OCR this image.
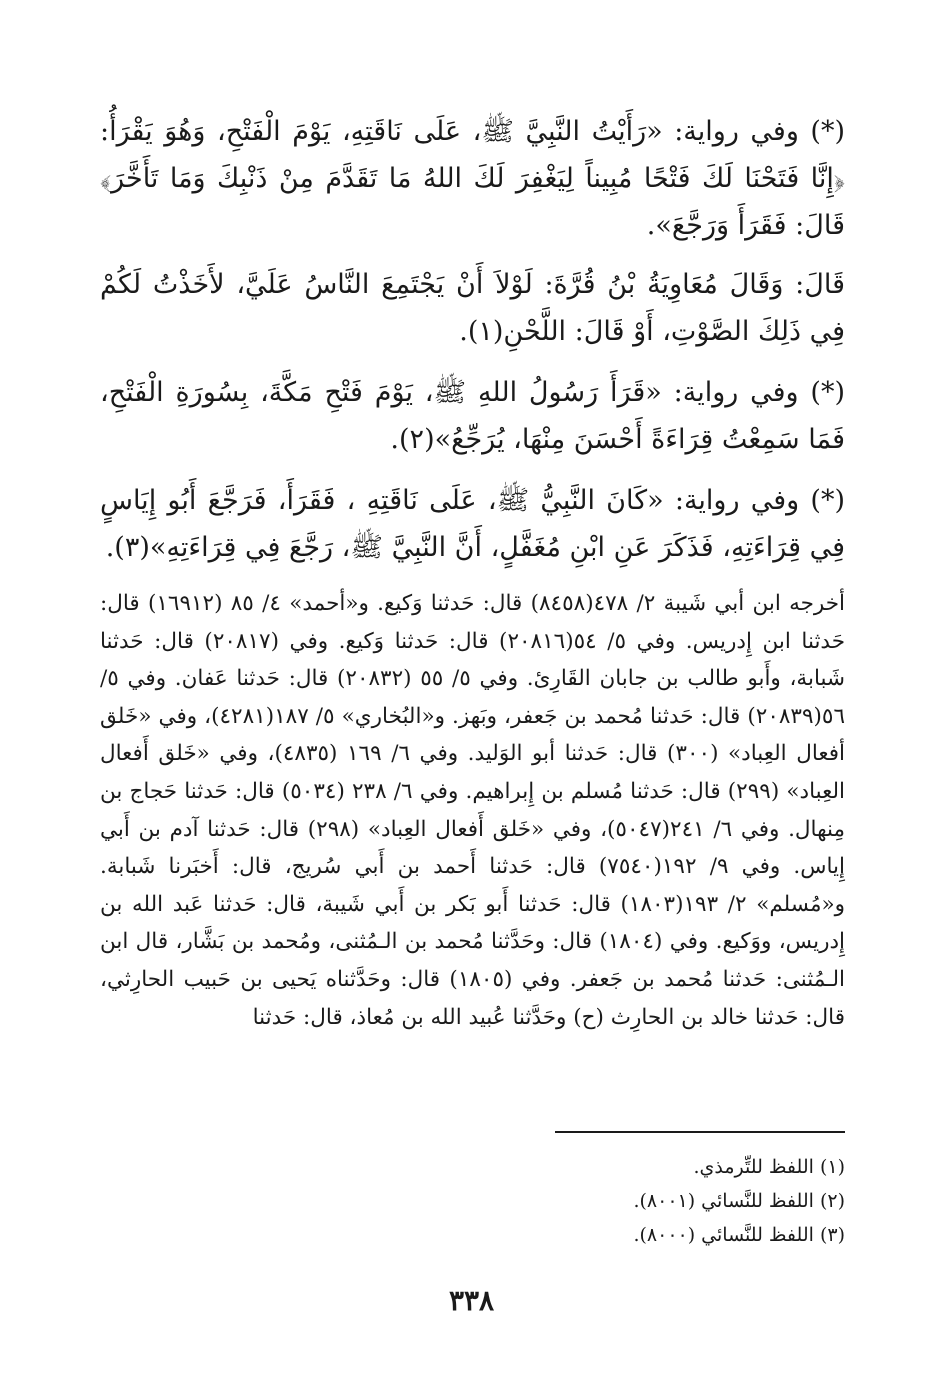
(*) وفي رواية: «رَأَيْتُ النَّبِيَّ ﷺ، عَلَى نَاقَتِهِ، يَوْمَ الْفَتْحِ، وَهُوَ يَقْرَأُ: ﴿إِنَّا فَتَحْنَا لَكَ فَتْحًا مُبِيناً لِيَغْفِرَ لَكَ اللهُ مَا تَقَدَّمَ مِنْ ذَنْبِكَ وَمَا تَأَخَّرَ﴾ قَالَ: فَقَرَأَ وَرَجَّعَ».

قَالَ: وَقَالَ مُعَاوِيَةُ بْنُ قُرَّةَ: لَوْلاَ أَنْ يَجْتَمِعَ النَّاسُ عَلَيَّ، لأَخَذْتُ لَكُمْ فِي ذَلِكَ الصَّوْتِ، أَوْ قَالَ: اللَّحْنِ(١).

(*) وفي رواية: «قَرَأَ رَسُولُ اللهِ ﷺ، يَوْمَ فَتْحِ مَكَّةَ، بِسُورَةِ الْفَتْحِ، فَمَا سَمِعْتُ قِرَاءَةً أَحْسَنَ مِنْهَا، يُرَجِّعُ»(٢).

(*) وفي رواية: «كَانَ النَّبِيُّ ﷺ، عَلَى نَاقَتِهِ ، فَقَرَأَ، فَرَجَّعَ أَبُو إِيَاسٍ فِي قِرَاءَتِهِ، فَذَكَرَ عَنِ ابْنِ مُغَفَّلٍ، أَنَّ النَّبِيَّ ﷺ، رَجَّعَ فِي قِرَاءَتِهِ»(٣).

أخرجه ابن أبي شَيبة ٢/ ٤٧٨(٨٤٥٨) قال: حَدثنا وَكيع. و«أحمد» ٤/ ٨٥ (١٦٩١٢) قال: حَدثنا ابن إِدريس. وفي ٥/ ٥٤(٢٠٨١٦) قال: حَدثنا وَكيع. وفي (٢٠٨١٧) قال: حَدثنا شَبابة، وأَبو طالب بن جابان القَارِئ. وفي ٥/ ٥٥ (٢٠٨٣٢) قال: حَدثنا عَفان. وفي ٥/ ٥٦(٢٠٨٣٩) قال: حَدثنا مُحمد بن جَعفر، وبَهز. و«البُخاري» ٥/ ١٨٧(٤٢٨١)، وفي «خَلق أفعال العِباد» (٣٠٠) قال: حَدثنا أبو الوَليد. وفي ٦/ ١٦٩ (٤٨٣٥)، وفي «خَلق أَفعال العِباد» (٢٩٩) قال: حَدثنا مُسلم بن إِبراهيم. وفي ٦/ ٢٣٨ (٥٠٣٤) قال: حَدثنا حَجاج بن مِنهال. وفي ٦/ ٢٤١(٥٠٤٧)، وفي «خَلق أَفعال العِباد» (٢٩٨) قال: حَدثنا آدم بن أَبي إِياس. وفي ٩/ ١٩٢(٧٥٤٠) قال: حَدثنا أَحمد بن أَبي سُريج، قال: أَخبَرنا شَبابة. و«مُسلم» ٢/ ١٩٣(١٨٠٣) قال: حَدثنا أَبو بَكر بن أَبي شَيبة، قال: حَدثنا عَبد الله بن إِدريس، ووَكيع. وفي (١٨٠٤) قال: وحَدَّثنا مُحمد بن الـمُثنى، ومُحمد بن بَشَّار، قال ابن الـمُثنى: حَدثنا مُحمد بن جَعفر. وفي (١٨٠٥) قال: وحَدَّثناه يَحيى بن حَبيب الحارِثي، قال: حَدثنا خالد بن الحارِث (ح) وحَدَّثنا عُبيد الله بن مُعاذ، قال: حَدثنا

(١) اللفظ للتِّرمذي.

(٢) اللفظ للنَّسائي (٨٠٠١).

(٣) اللفظ للنَّسائي (٨٠٠٠).

٣٣٨
